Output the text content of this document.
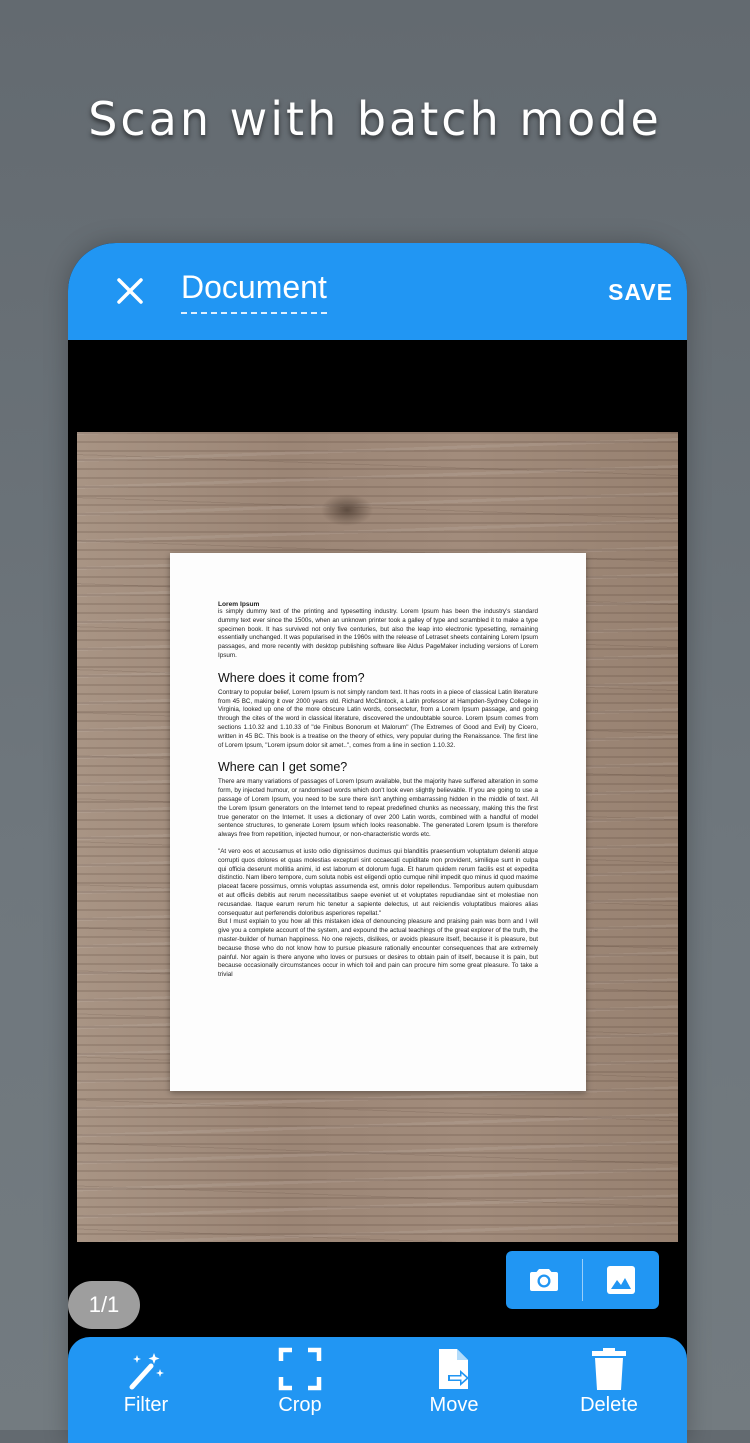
Scan with batch mode
Document	SAVE

Lorem Ipsum

is simply dummy text of the printing and typesetting industry. Lorem Ipsum has been the industry's standard dummy text ever since the 1500s, when an unknown printer took a galley of type and scrambled it to make a type specimen book. It has survived not only five centuries, but also the leap into electronic typesetting, remaining essentially unchanged. It was popularised in the 1960s with the release of Letraset sheets containing Lorem Ipsum passages, and more recently with desktop publishing software like Aldus PageMaker including versions of Lorem Ipsum.

Where does it come from?

Contrary to popular belief, Lorem Ipsum is not simply random text. It has roots in a piece of classical Latin literature from 45 BC, making it over 2000 years old. Richard McClintock, a Latin professor at Hampden-Sydney College in Virginia, looked up one of the more obscure Latin words, consectetur, from a Lorem Ipsum passage, and going through the cites of the word in classical literature, discovered the undoubtable source. Lorem Ipsum comes from sections 1.10.32 and 1.10.33 of "de Finibus Bonorum et Malorum" (The Extremes of Good and Evil) by Cicero, written in 45 BC. This book is a treatise on the theory of ethics, very popular during the Renaissance. The first line of Lorem Ipsum, "Lorem ipsum dolor sit amet..", comes from a line in section 1.10.32.

Where can I get some?

There are many variations of passages of Lorem Ipsum available, but the majority have suffered alteration in some form, by injected humour, or randomised words which don't look even slightly believable. If you are going to use a passage of Lorem Ipsum, you need to be sure there isn't anything embarrassing hidden in the middle of text. All the Lorem Ipsum generators on the Internet tend to repeat predefined chunks as necessary, making this the first true generator on the Internet. It uses a dictionary of over 200 Latin words, combined with a handful of model sentence structures, to generate Lorem Ipsum which looks reasonable. The generated Lorem Ipsum is therefore always free from repetition, injected humour, or non-characteristic words etc.

"At vero eos et accusamus et iusto odio dignissimos ducimus qui blanditiis praesentium voluptatum deleniti atque corrupti quos dolores et quas molestias excepturi sint occaecati cupiditate non provident, similique sunt in culpa qui officia deserunt mollitia animi, id est laborum et dolorum fuga. Et harum quidem rerum facilis est et expedita distinctio. Nam libero tempore, cum soluta nobis est eligendi optio cumque nihil impedit quo minus id quod maxime placeat facere possimus, omnis voluptas assumenda est, omnis dolor repellendus. Temporibus autem quibusdam et aut officiis debitis aut rerum necessitatibus saepe eveniet ut et voluptates repudiandae sint et molestiae non recusandae. Itaque earum rerum hic tenetur a sapiente delectus, ut aut reiciendis voluptatibus maiores alias consequatur aut perferendis doloribus asperiores repellat."

But I must explain to you how all this mistaken idea of denouncing pleasure and praising pain was born and I will give you a complete account of the system, and expound the actual teachings of the great explorer of the truth, the master-builder of human happiness. No one rejects, dislikes, or avoids pleasure itself, because it is pleasure, but because those who do not know how to pursue pleasure rationally encounter consequences that are extremely painful. Nor again is there anyone who loves or pursues or desires to obtain pain of itself, because it is pain, but because occasionally circumstances occur in which toil and pain can procure him some great pleasure. To take a trivial

1/1
Filter	Crop	Move	Delete
